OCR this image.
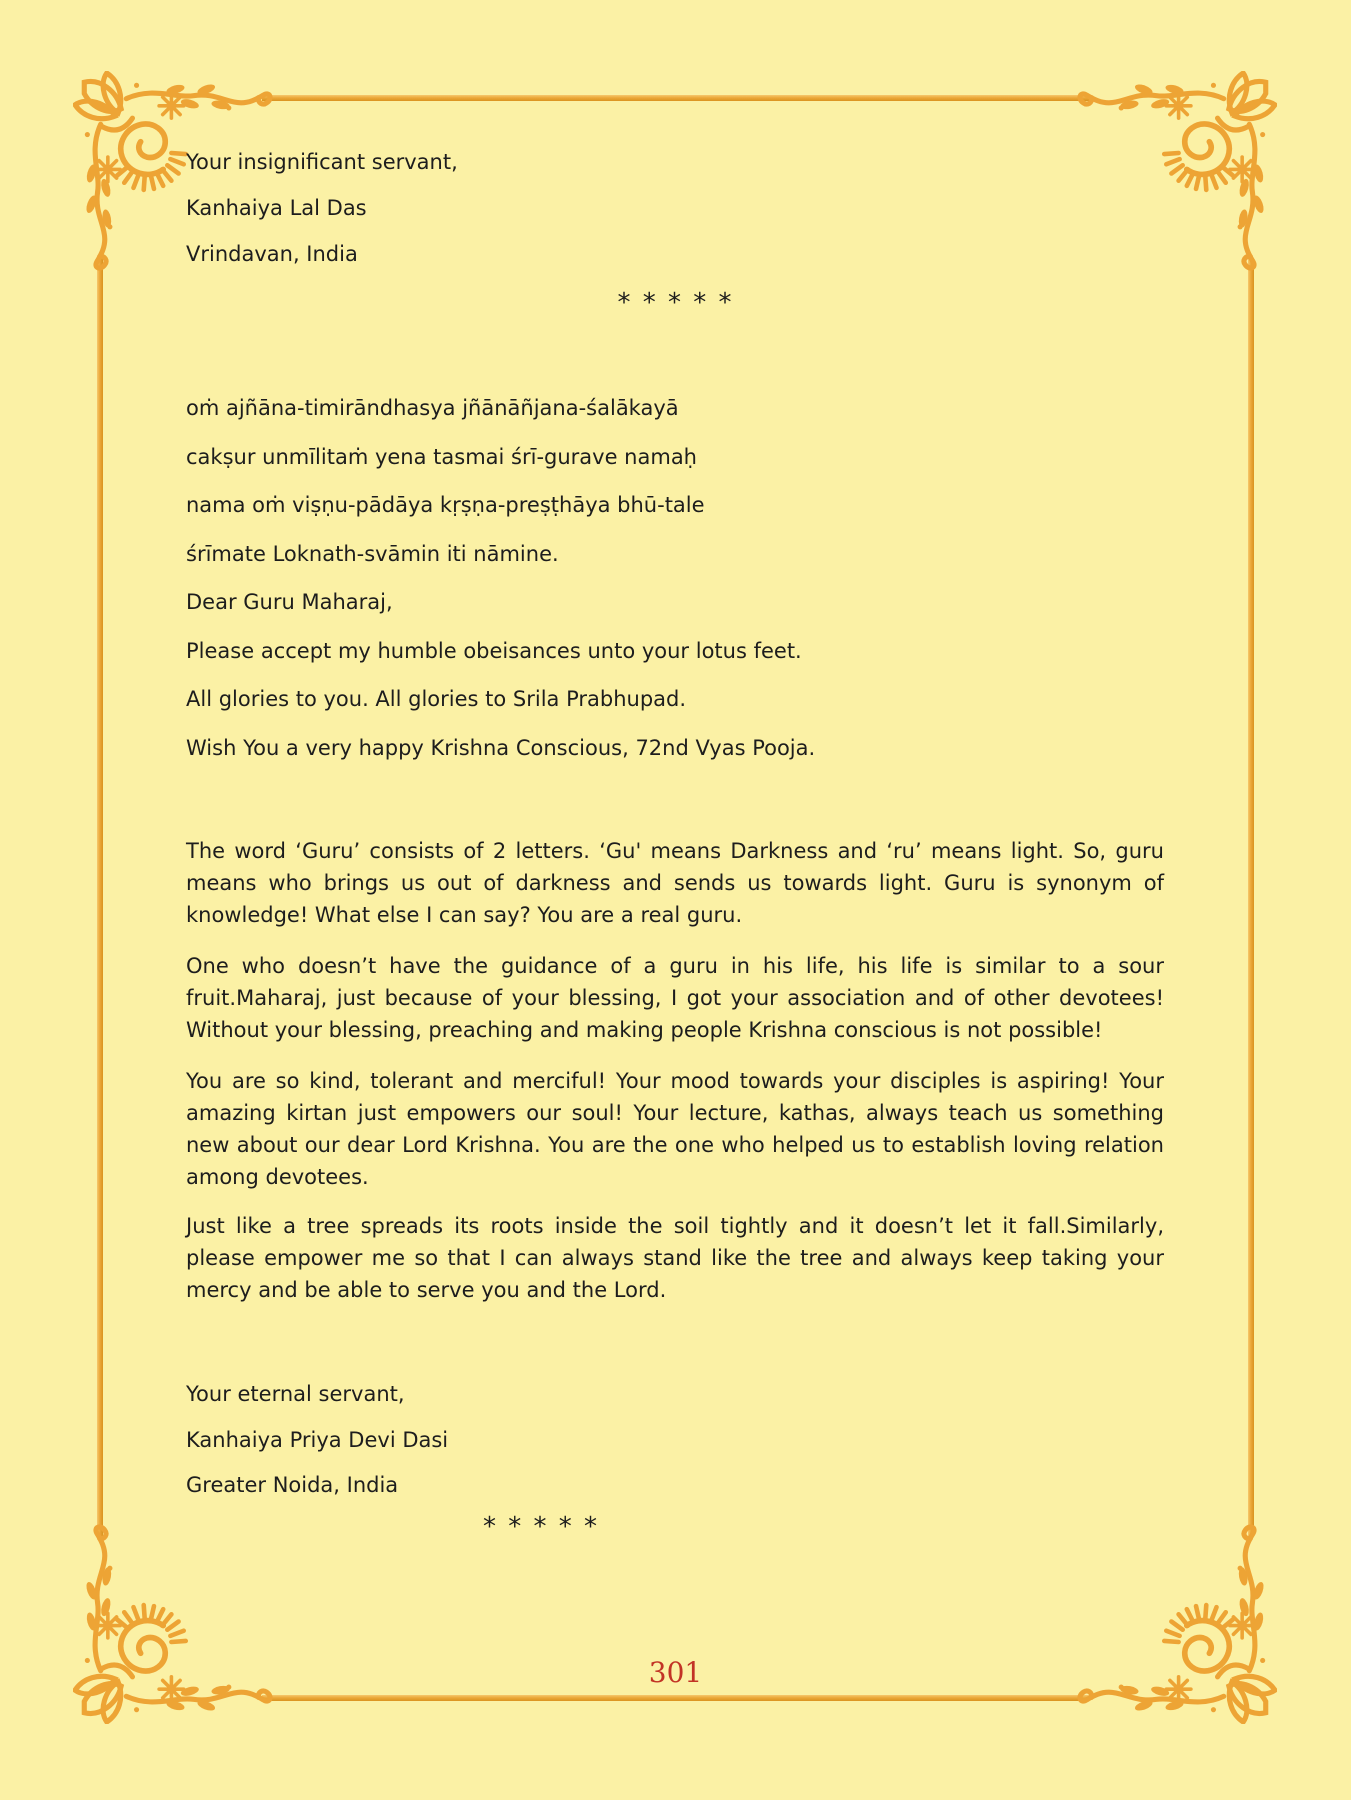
Your insignificant servant,
Kanhaiya Lal Das
Vrindavan, India
* * * * *
oṁ ajñāna-timirāndhasya jñānāñjana-śalākayā
cakṣur unmīlitaṁ yena tasmai śrī-gurave namaḥ
nama oṁ viṣṇu-pādāya kṛṣṇa-preṣṭhāya bhū-tale
śrīmate Loknath-svāmin iti nāmine.
Dear Guru Maharaj,
Please accept my humble obeisances unto your lotus feet.
All glories to you. All glories to Srila Prabhupad.
Wish You a very happy Krishna Conscious, 72nd Vyas Pooja.

The word ‘Guru’ consists of 2 letters. ‘Gu' means Darkness and ‘ru’ means light. So, guru means who brings us out of darkness and sends us towards light. Guru is synonym of knowledge! What else I can say? You are a real guru.

One who doesn’t have the guidance of a guru in his life, his life is similar to a sour fruit.Maharaj, just because of your blessing, I got your association and of other devotees! Without your blessing, preaching and making people Krishna conscious is not possible!

You are so kind, tolerant and merciful! Your mood towards your disciples is aspiring! Your amazing kirtan just empowers our soul! Your lecture, kathas, always teach us something new about our dear Lord Krishna. You are the one who helped us to establish loving relation among devotees.

Just like a tree spreads its roots inside the soil tightly and it doesn’t let it fall.Similarly, please empower me so that I can always stand like the tree and always keep taking your mercy and be able to serve you and the Lord.

Your eternal servant,
Kanhaiya Priya Devi Dasi
Greater Noida, India
* * * * *
301
